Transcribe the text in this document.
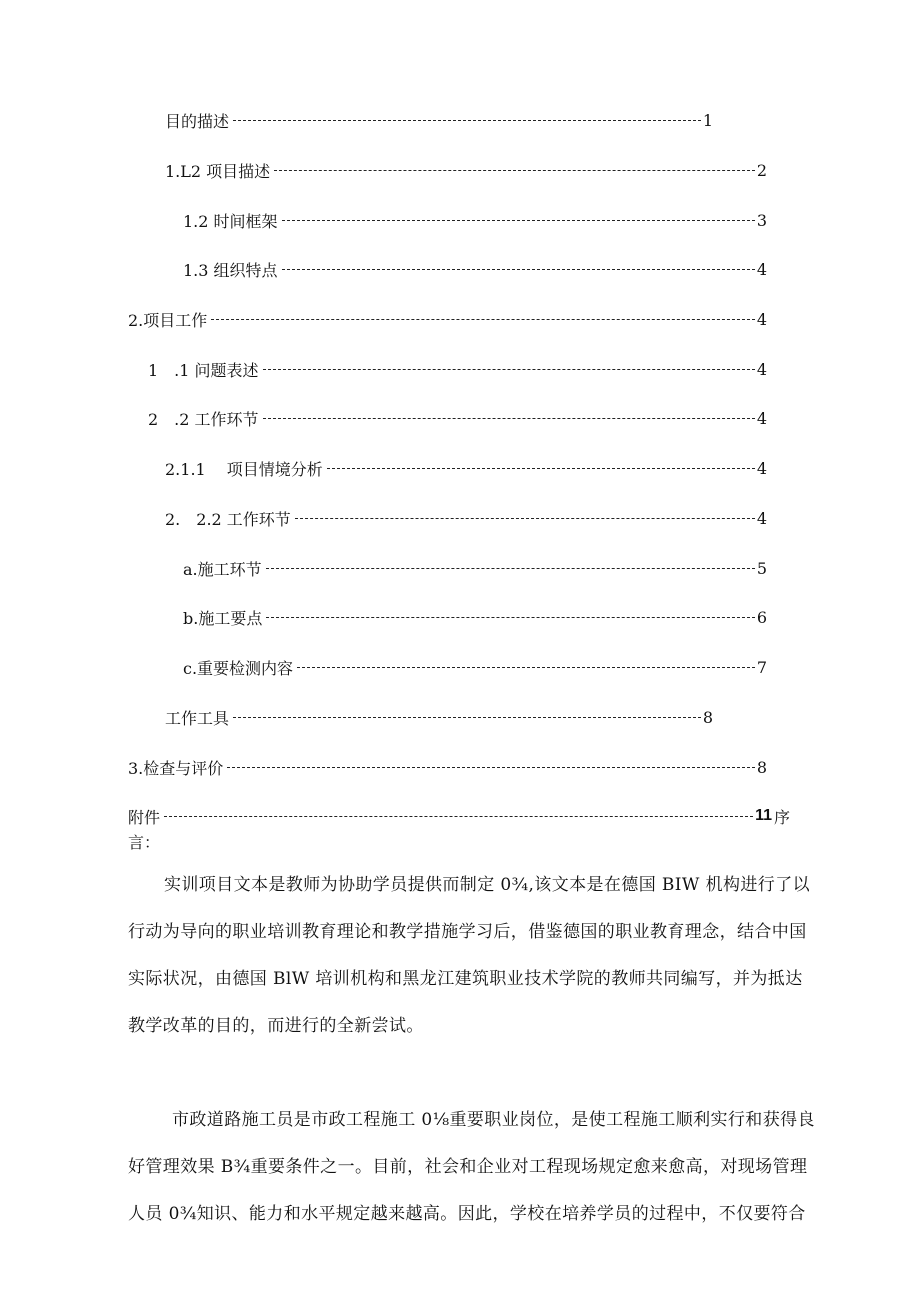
目的描述	1
1.L2 项目描述	2
1.2 时间框架	3
1.3 组织特点	4
2.项目工作	4
1　.1 问题表述	4
2　.2 工作环节	4
2.1.1　 项目情境分析	4
2.　2.2 工作环节	4
a.施工环节	5
b.施工要点	6
c.重要检测内容	7
工作工具	8
3.检查与评价	8
附件	11 序
言：
实训项目文本是教师为协助学员提供而制定 0¾,该文本是在德国 BIW 机构进行了以
行动为导向的职业培训教育理论和教学措施学习后，借鉴德国的职业教育理念，结合中国
实际状况，由德国 BlW 培训机构和黑龙江建筑职业技术学院的教师共同编写，并为抵达
教学改革的目的，而进行的全新尝试。
市政道路施工员是市政工程施工 0⅛重要职业岗位，是使工程施工顺利实行和获得良
好管理效果 B¾重要条件之一。目前，社会和企业对工程现场规定愈来愈高，对现场管理
人员 0¾知识、能力和水平规定越来越高。因此，学校在培养学员的过程中，不仅要符合
